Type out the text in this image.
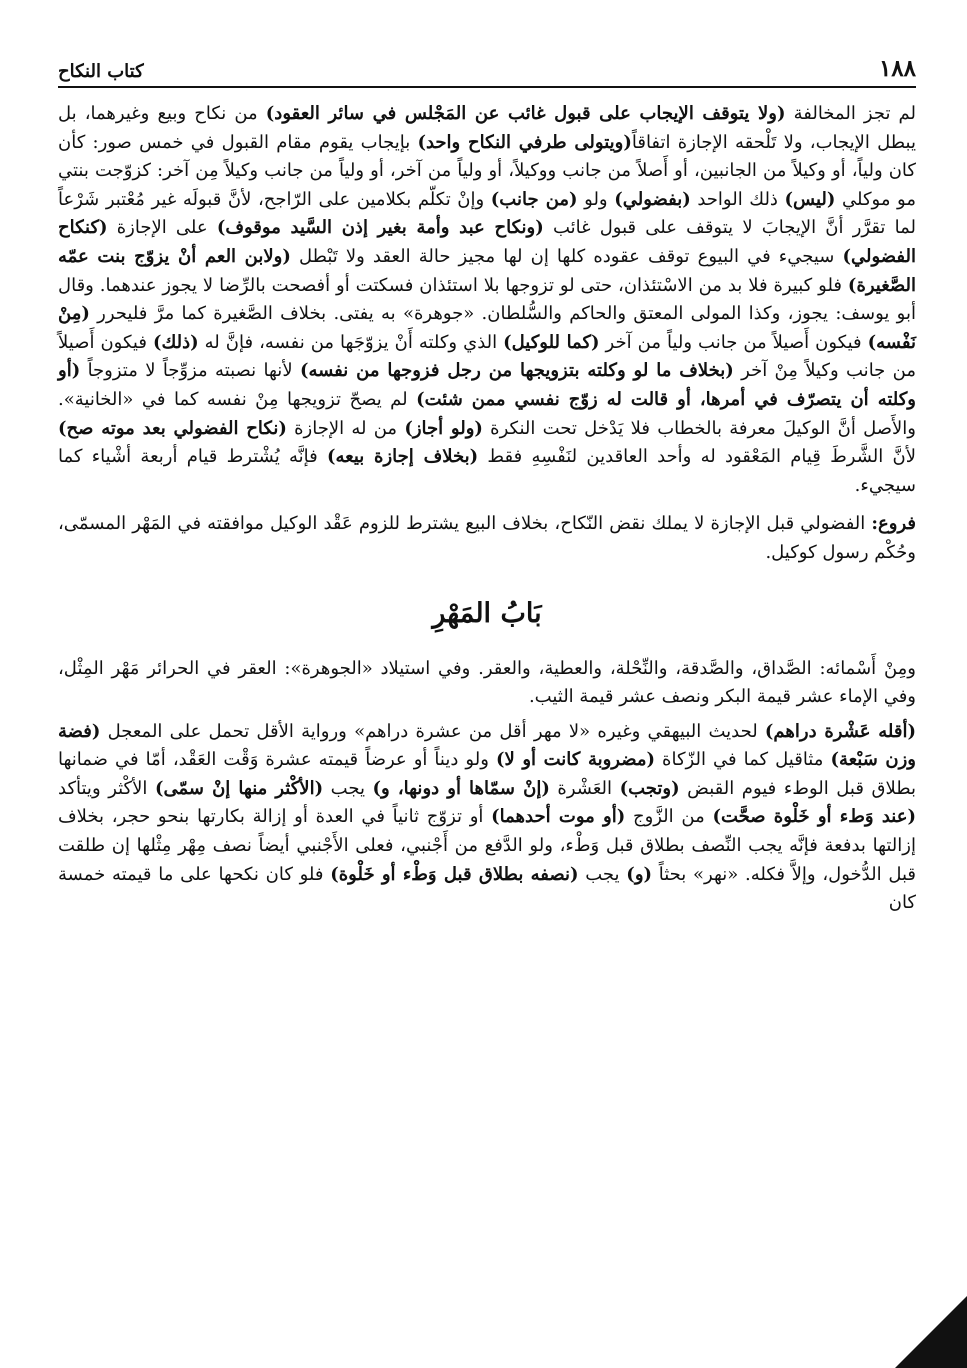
١٨٨
كتاب النكاح

لم تجز المخالفة (ولا يتوقف الإيجاب على قبول غائب عن المَجْلس في سائر العقود) من نكاح وبيع وغيرهما، بل يبطل الإيجاب، ولا تَلْحقه الإجازة اتفاقاً(ويتولى طرفي النكاح واحد) بإيجاب يقوم مقام القبول في خمس صور: كأن كان ولياً، أو وكيلاً من الجانبين، أو أَصلاً من جانب ووكيلاً، أو ولياً من آخر، أو ولياً من جانب وكيلاً مِن آخر: كزوّجت بنتي مو موكلي (ليس) ذلك الواحد (بفضولي) ولو (من جانب) وإنْ تكلّم بكلامين على الرّاجح، لأنَّ قبولَه غير مُعْتبر شَرْعاً لما تقرَّر أنَّ الإيجابَ لا يتوقف على قبول غائب (ونكاح عبد وأمة بغير إذن السَّيد موقوف) على الإجازة (كنكاح الفضولي) سيجيء في البيوع توقف عقوده كلها إن لها مجيز حالة العقد ولا تَبْطل (ولابن العم أنْ يزوّج بنت عمّه الصَّغيرة) فلو كبيرة فلا بد من الاسْتئذان، حتى لو تزوجها بلا استئذان فسكتت أو أفصحت بالرِّضا لا يجوز عندهما. وقال أبو يوسف: يجوز، وكذا المولى المعتق والحاكم والسُّلطان. «جوهرة» به يفتى. بخلاف الصَّغيرة كما مرَّ فليحرر (مِنْ نَفْسه) فيكون أَصيلاً من جانب ولياً من آخر (كما للوكيل) الذي وكلته أَنْ يزوّجَها من نفسه، فإنَّ له (ذلك) فيكون أَصيلاً من جانب وكيلاً مِنْ آخر (بخلاف ما لو وكلته بتزويجها من رجل فزوجها من نفسه) لأنها نصبته مزوِّجاً لا متزوجاً (أو وكلته أن يتصرّف في أمرها، أو قالت له زوّج نفسي ممن شئت) لم يصحّ تزويجها مِنْ نفسه كما في «الخانية». والأَصل أنَّ الوكيلَ معرفة بالخطاب فلا يَدْخل تحت النكرة (ولو أجاز) من له الإجازة (نكاح الفضولي بعد موته صح) لأنَّ الشَّرطَ قِيام المَعْقود له وأحد العاقدين لنَفْسِهِ فقط (بخلاف إجازة بيعه) فإنَّه يُشْترط قيام أربعة أشْياء كما سيجيء.

فروع: الفضولي قبل الإجازة لا يملك نقض النّكاح، بخلاف البيع يشترط للزوم عَقْد الوكيل موافقته في المَهْر المسمّى، وحُكْم رسول كوكيل.

بَابُ المَهْرِ

ومِنْ أَسْمائه: الصَّداق، والصَّدقة، والنِّحْلة، والعطية، والعقر. وفي استيلاد «الجوهرة»: العقر في الحرائر مَهْر المِثْل، وفي الإماء عشر قيمة البكر ونصف عشر قيمة الثيب.

(أقله عَشْرة دراهم) لحديث البيهقي وغيره «لا مهر أقل من عشرة دراهم» ورواية الأقل تحمل على المعجل (فضة وزن سَبْعة) مثاقيل كما في الزّكاة (مضروبة كانت أو لا) ولو ديناً أو عرضاً قيمته عشرة وَقْت العَقْد، أمّا في ضمانها بطلاق قبل الوطء فيوم القبض (وتجب) العَشْرة (إنْ سمّاها أو دونها، و) يجب (الأكْثر منها إنْ سمّى) الأكْثر ويتأكد (عند وَطء أو خَلْوة صحَّت) من الزَّوج (أو موت أحدهما) أو تزوّج ثانياً في العدة أو إزالة بكارتها بنحو حجر، بخلاف إزالتها بدفعة فإنَّه يجب النِّصف بطلاق قبل وَطْء، ولو الدَّفع من أَجْنبي، فعلى الأَجْنبي أيضاً نصف مِهْر مِثْلها إن طلقت قبل الدُّخول، وإلاَّ فكله. «نهر» بحثاً (و) يجب (نصفه بطلاق قبل وَطْء أو خَلْوة) فلو كان نكحها على ما قيمته خمسة كان
